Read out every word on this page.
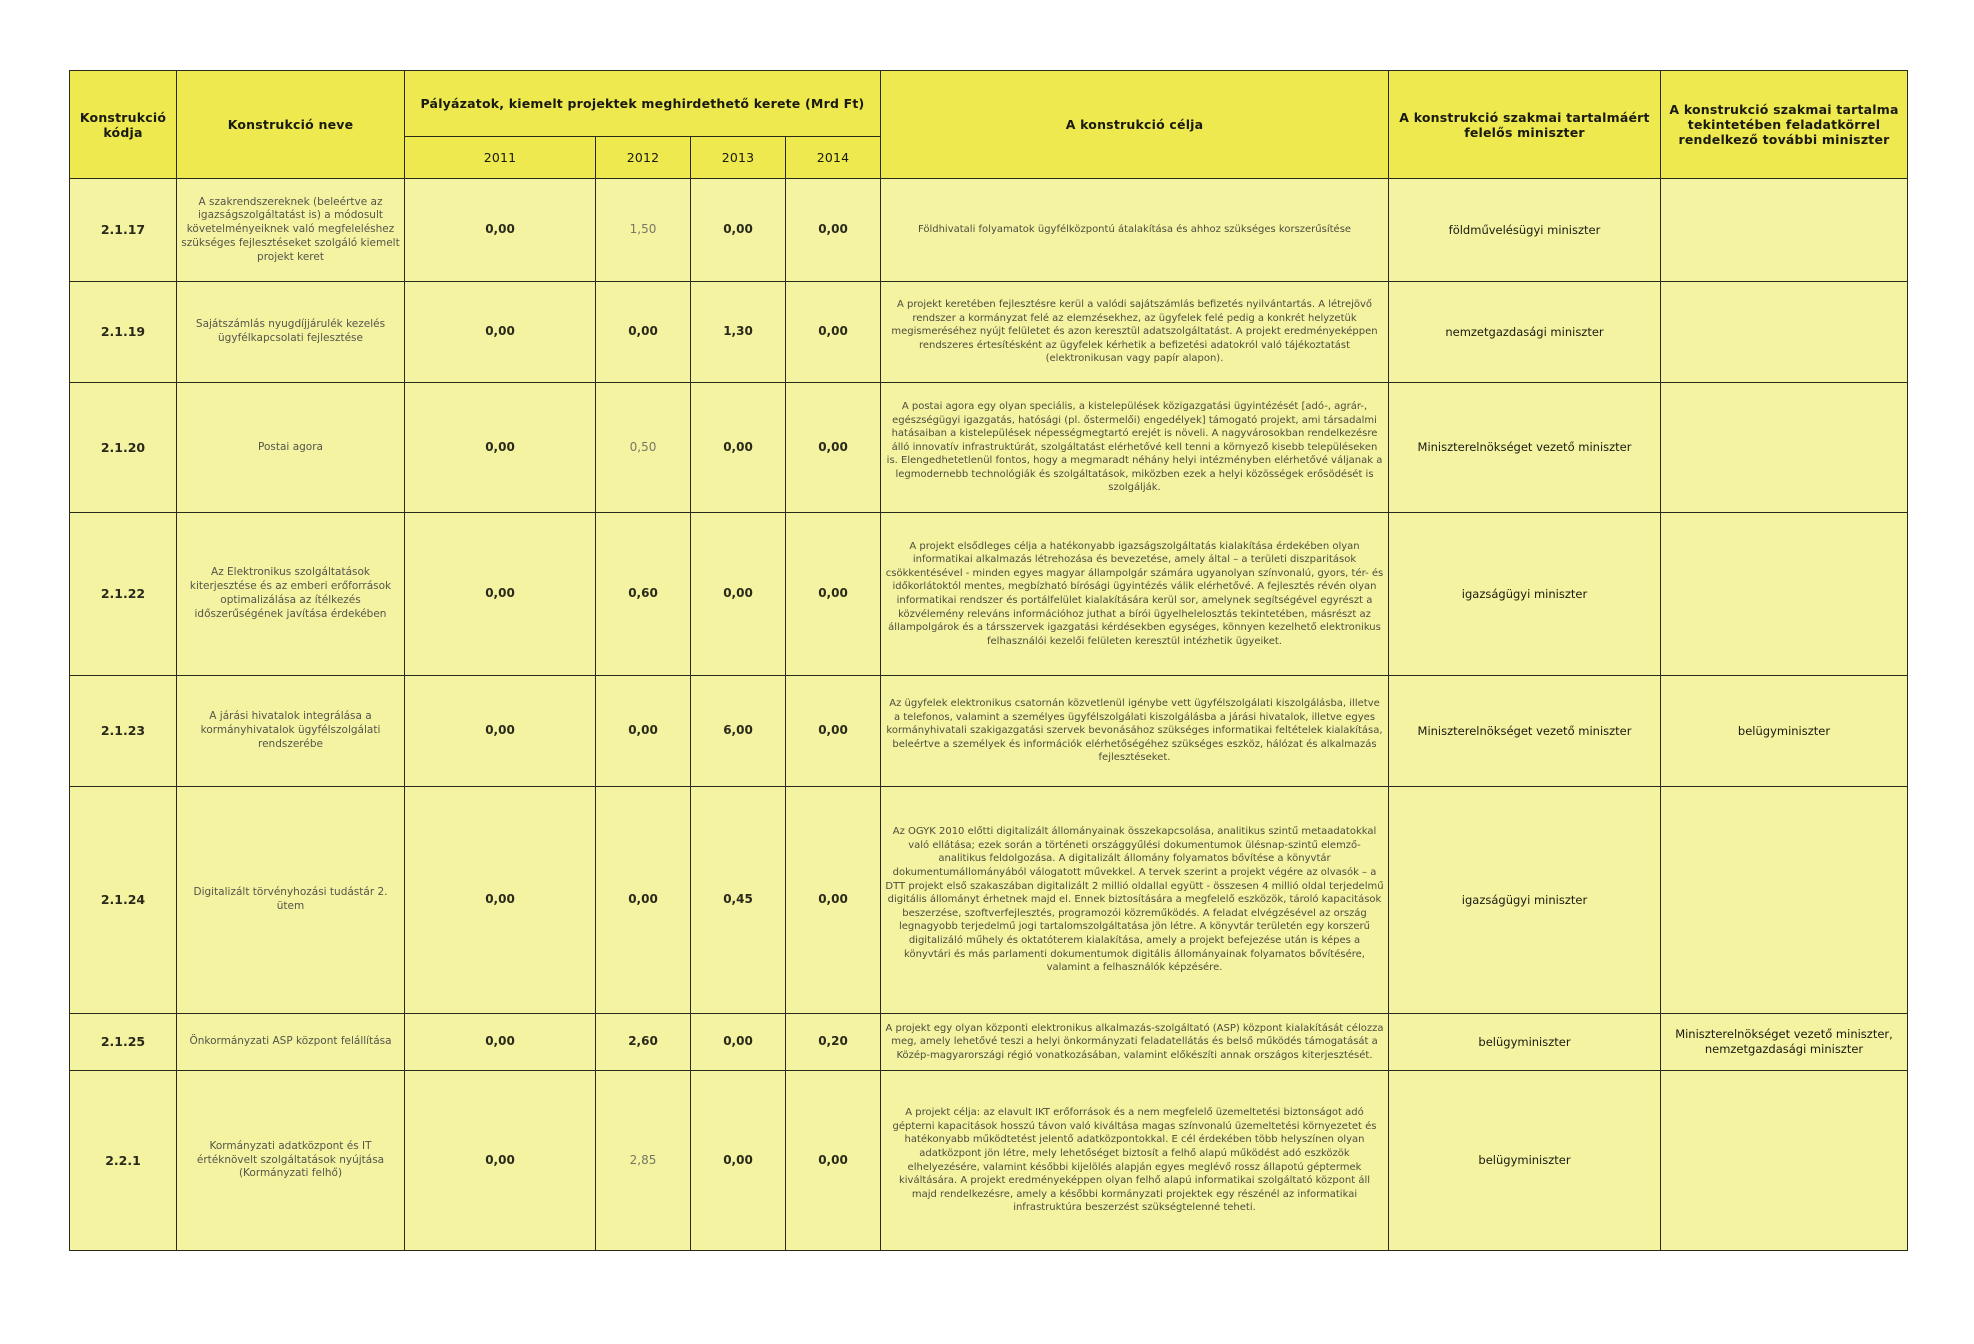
Konstrukció kódja	Konstrukció neve	Pályázatok, kiemelt projektek meghirdethető kerete (Mrd Ft)				A konstrukció célja	A konstrukció szakmai tartalmáért felelős miniszter	A konstrukció szakmai tartalma tekintetében feladatkörrel rendelkező további miniszter
		2011	2012	2013	2014			
2.1.17	A szakrendszereknek (beleértve az igazságszolgáltatást is) a módosult követelményeiknek való megfeleléshez szükséges fejlesztéseket szolgáló kiemelt projekt keret	0,00	1,50	0,00	0,00	Földhivatali folyamatok ügyfélközpontú átalakítása és ahhoz szükséges korszerűsítése	földművelésügyi miniszter	
2.1.19	Sajátszámlás nyugdíjjárulék kezelés ügyfélkapcsolati fejlesztése	0,00	0,00	1,30	0,00	A projekt keretében fejlesztésre kerül a valódi sajátszámlás befizetés nyilvántartás. A létrejövő rendszer a kormányzat felé az elemzésekhez, az ügyfelek felé pedig a konkrét helyzetük megismeréséhez nyújt felületet és azon keresztül adatszolgáltatást. A projekt eredményeképpen rendszeres értesítésként az ügyfelek kérhetik a befizetési adatokról való tájékoztatást (elektronikusan vagy papír alapon).	nemzetgazdasági miniszter	
2.1.20	Postai agora	0,00	0,50	0,00	0,00	A postai agora egy olyan speciális, a kistelepülések közigazgatási ügyintézését [adó-, agrár-, egészségügyi igazgatás, hatósági (pl. őstermelői) engedélyek] támogató projekt, ami társadalmi hatásaiban a kistelepülések népességmegtartó erejét is növeli. A nagyvárosokban rendelkezésre álló innovatív infrastruktúrát, szolgáltatást elérhetővé kell tenni a környező kisebb településeken is. Elengedhetetlenül fontos, hogy a megmaradt néhány helyi intézményben elérhetővé váljanak a legmodernebb technológiák és szolgáltatások, miközben ezek a helyi közösségek erősödését is szolgálják.	Miniszterelnökséget vezető miniszter	
2.1.22	Az Elektronikus szolgáltatások kiterjesztése és az emberi erőforrások optimalizálása az ítélkezés időszerűségének javítása érdekében	0,00	0,60	0,00	0,00	A projekt elsődleges célja a hatékonyabb igazságszolgáltatás kialakítása érdekében olyan informatikai alkalmazás létrehozása és bevezetése, amely által – a területi diszparitások csökkentésével - minden egyes magyar állampolgár számára ugyanolyan színvonalú, gyors, tér- és időkorlátoktól mentes, megbízható bírósági ügyintézés válik elérhetővé. A fejlesztés révén olyan informatikai rendszer és portálfelület kialakítására kerül sor, amelynek segítségével egyrészt a közvélemény releváns információhoz juthat a bírói ügyelhelelosztás tekintetében, másrészt az állampolgárok és a társszervek igazgatási kérdésekben egységes, könnyen kezelhető elektronikus felhasználói kezelői felületen keresztül intézhetik ügyeiket.	igazságügyi miniszter	
2.1.23	A járási hivatalok integrálása a kormányhivatalok ügyfélszolgálati rendszerébe	0,00	0,00	6,00	0,00	Az ügyfelek elektronikus csatornán közvetlenül igénybe vett ügyfélszolgálati kiszolgálásba, illetve a telefonos, valamint a személyes ügyfélszolgálati kiszolgálásba a járási hivatalok, illetve egyes kormányhivatali szakigazgatási szervek bevonásához szükséges informatikai feltételek kialakítása, beleértve a személyek és információk elérhetőségéhez szükséges eszköz, hálózat és alkalmazás fejlesztéseket.	Miniszterelnökséget vezető miniszter	belügyminiszter
2.1.24	Digitalizált törvényhozási tudástár 2. ütem	0,00	0,00	0,45	0,00	Az OGYK 2010 előtti digitalizált állományainak összekapcsolása, analitikus szintű metaadatokkal való ellátása; ezek során a történeti országgyűlési dokumentumok ülésnap-szintű elemző-analitikus feldolgozása. A digitalizált állomány folyamatos bővítése a könyvtár dokumentumállományából válogatott művekkel. A tervek szerint a projekt végére az olvasók – a DTT projekt első szakaszában digitalizált 2 millió oldallal együtt - összesen 4 millió oldal terjedelmű digitális állományt érhetnek majd el. Ennek biztosítására a megfelelő eszközök, tároló kapacitások beszerzése, szoftverfejlesztés, programozói közreműködés. A feladat elvégzésével az ország legnagyobb terjedelmű jogi tartalomszolgáltatása jön létre. A könyvtár területén egy korszerű digitalizáló műhely és oktatóterem kialakítása, amely a projekt befejezése után is képes a könyvtári és más parlamenti dokumentumok digitális állományainak folyamatos bővítésére, valamint a felhasználók képzésére.	igazságügyi miniszter	
2.1.25	Önkormányzati ASP központ felállítása	0,00	2,60	0,00	0,20	A projekt egy olyan központi elektronikus alkalmazás-szolgáltató (ASP) központ kialakítását célozza meg, amely lehetővé teszi a helyi önkormányzati feladatellátás és belső működés támogatását a Közép-magyarországi régió vonatkozásában, valamint előkészíti annak országos kiterjesztését.	belügyminiszter	Miniszterelnökséget vezető miniszter, nemzetgazdasági miniszter
2.2.1	Kormányzati adatközpont és IT értéknövelt szolgáltatások nyújtása (Kormányzati felhő)	0,00	2,85	0,00	0,00	A projekt célja: az elavult IKT erőforrások és a nem megfelelő üzemeltetési biztonságot adó gépterni kapacitások hosszú távon való kiváltása magas színvonalú üzemeltetési környezetet és hatékonyabb működtetést jelentő adatközpontokkal. E cél érdekében több helyszínen olyan adatközpont jön létre, mely lehetőséget biztosít a felhő alapú működést adó eszközök elhelyezésére, valamint későbbi kijelölés alapján egyes meglévő rossz állapotú géptermek kiváltására. A projekt eredményeképpen olyan felhő alapú informatikai szolgáltató központ áll majd rendelkezésre, amely a későbbi kormányzati projektek egy részénél az informatikai infrastruktúra beszerzést szükségtelenné teheti.	belügyminiszter	
